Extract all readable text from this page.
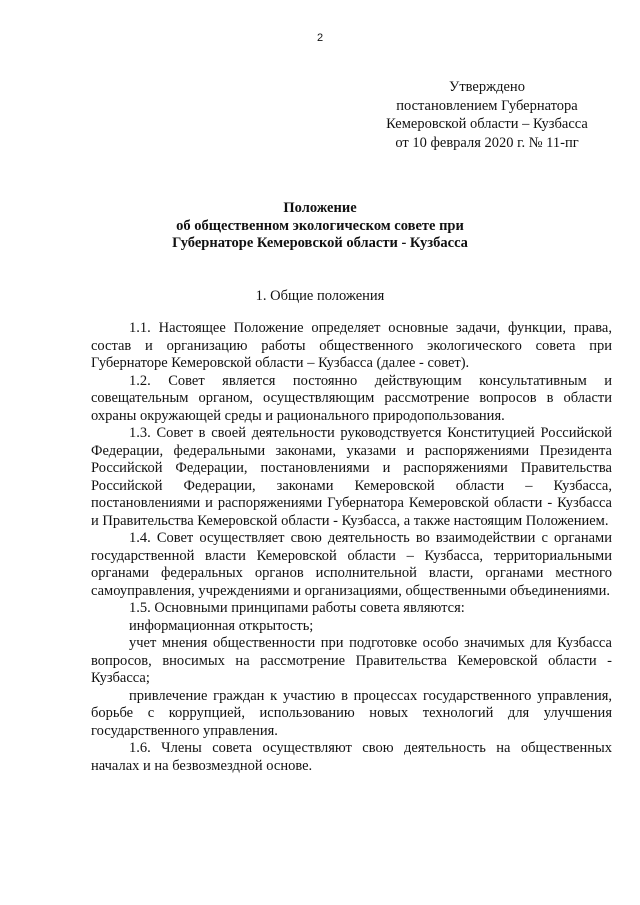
2
Утверждено
постановлением Губернатора
Кемеровской области – Кузбасса
от 10 февраля 2020 г. № 11-пг
Положение
об общественном экологическом совете при
Губернаторе Кемеровской области - Кузбасса
1. Общие положения

1.1. Настоящее Положение определяет основные задачи, функции, права, состав и организацию работы общественного экологического совета при Губернаторе Кемеровской области – Кузбасса (далее - совет).

1.2. Совет является постоянно действующим консультативным и совещательным органом, осуществляющим рассмотрение вопросов в области охраны окружающей среды и рационального природопользования.

1.3. Совет в своей деятельности руководствуется Конституцией Российской Федерации, федеральными законами, указами и распоряжениями Президента Российской Федерации, постановлениями и распоряжениями Правительства Российской Федерации, законами Кемеровской области – Кузбасса, постановлениями и распоряжениями Губернатора Кемеровской области - Кузбасса и Правительства Кемеровской области - Кузбасса, а также настоящим Положением.

1.4. Совет осуществляет свою деятельность во взаимодействии с органами государственной власти Кемеровской области – Кузбасса, территориальными органами федеральных органов исполнительной власти, органами местного самоуправления, учреждениями и организациями, общественными объединениями.

1.5. Основными принципами работы совета являются:

информационная открытость;

учет мнения общественности при подготовке особо значимых для Кузбасса вопросов, вносимых на рассмотрение Правительства Кемеровской области - Кузбасса;

привлечение граждан к участию в процессах государственного управления, борьбе с коррупцией, использованию новых технологий для улучшения государственного управления.

1.6. Члены совета осуществляют свою деятельность на общественных началах и на безвозмездной основе.
